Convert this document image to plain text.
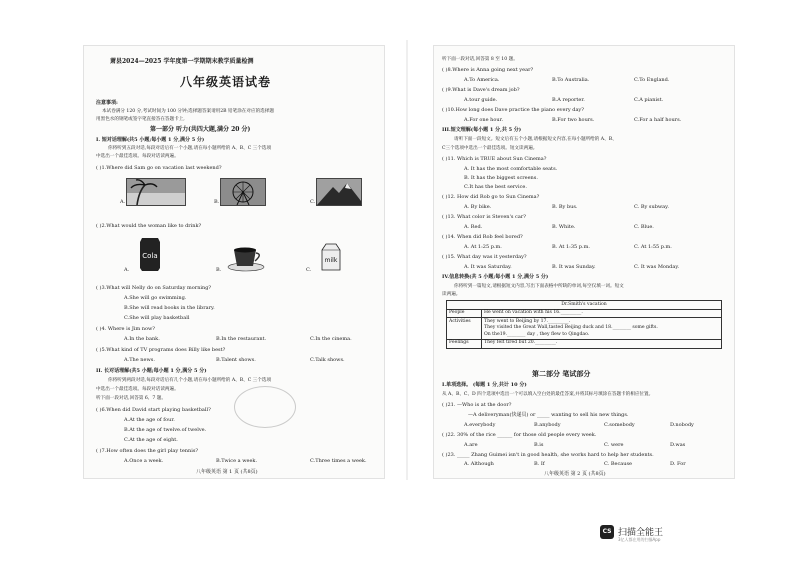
萧县2024—2025 学年度第一学期期末教学质量检测
八年级英语试卷
注意事项:
本试卷满分 120 分,考试时间为 100 分钟;选择题答案请用2B 铅笔涂在对应的选择题
用黑色水的钢笔或签字笔直接答在答题卡上,
第一部分 听力(共四大题,满分 20 分)
I. 短对话理解(共5 小题;每小题 1 分,满分 5 分)
你将听到五段对话,每段对话后有一个小题,请在每小题所给的 A、B、C 三个选项
中选出一个最佳选项。每段对话读两遍。
( )1.Where did Sam go on vacation last weekend?
A.	B.	C.
( )2.What would the woman like to drink?
A.
Cola
B.	C.
milk
( )3.What will Nelly do on Saturday morning?
A.She will go swimming.
B.She will read books in the library.
C.She will play basketball
( )4. Where is Jim now?
A.In the bank.	B.In the restaurant.	C.In the cinema.
( )5.What kind of TV programs does Billy like best?
A.The news.	B.Talent shows.	C.Talk shows.
II. 长对话理解(共5 小题;每小题 1 分,满分 5 分)
你将听到两段对话,每段对话后有几个小题,请在每小题所给的 A、B、C 三个选项
中选出一个最佳选项。每段对话读两遍。
听下面一段对话,回答第 6、7 题。
( )6.When did David start playing basketball?
A.At the age of four.
B.At the age of twelve.of twelve.
C.At the age of eight.
( )7.How often does the girl play tennis?
A.Once a week.	B.Twice a week.	C.Three times a week.
八年级英语 第 1 页 (共8页)
听下面一段对话,回答第 8 至 10 题。
( )8.Where is Anna going next year?
A.To America.	B.To Australia.	C.To England.
( )9.What is Dave's dream job?
A.tour guide.	B.A reporter.	C.A pianist.
( )10.How long does Dave practice the piano every day?
A.For one hour.	B.For two hours.	C.For a half hours.
III.短文理解(每小题 1 分,共 5 分)
请听下面一段短文。短文后有五个小题,请根据短文内容,在每小题所给的 A、B、
C三个选项中选出一个最佳选项。短文读两遍。
( )11. Which is TRUE about Sun Cinema?
A. It has the most comfortable seats.
B. It has the biggest screens.
C.It has the best service.
( )12. How did Rob go to Sun Cinema?
A. By bike.	B. By bus.	C. By subway.
( )13. What color is Steven's car?
A. Red.	B. White.	C. Blue.
( )14. When did Rob feel bored?
A. At 1:25 p.m.	B. At 1:35 p.m.	C. At 1:55 p.m.
( )15. What day was it yesterday?
A. It was Saturday.	B. It was Sunday.	C. It was Monday.
IV.信息转换(共 5 小题;每小题 1 分,满分 5 分)
你将听到一篇短文,请根据短文内容,写出下面表格中所缺的单词,每空仅填一词。短文
读两遍。
Dr.Smith's vacation	
People	He went on vacation with his 16._________.
Activities	They went to Beijing by 17._________.
They visited the Great Wall,tasted Beijing duck and 18.________ some gifts.
On the19.________ day , they flew to Qingdao.

Feelings	They felt tired but 20._________.
第二部分 笔试部分
I.单项选择。 (每题 1 分,共计 10 分)
从 A、B、C、D 四个选项中选出一个可以填入空白处的最佳答案,并将其标号填涂在答题卡的相应位置。
( )21. —Who is at the door?
—A deliveryman(快递员) or _____ wanting to sell his new things.
A.everybody	B.anybody	C.somebody	D.nobody
( )22. 30% of the rice ______ for those old people every week.
A.are	B.is	C. were	D.was
( )23. _____ Zhang Guimei isn't in good health, she works hard to help her students.
A. Although	B. If	C. Because	D. For
八年级英语 第 2 页 (共8页)
CS 扫描全能王
3亿人都在用的扫描App
